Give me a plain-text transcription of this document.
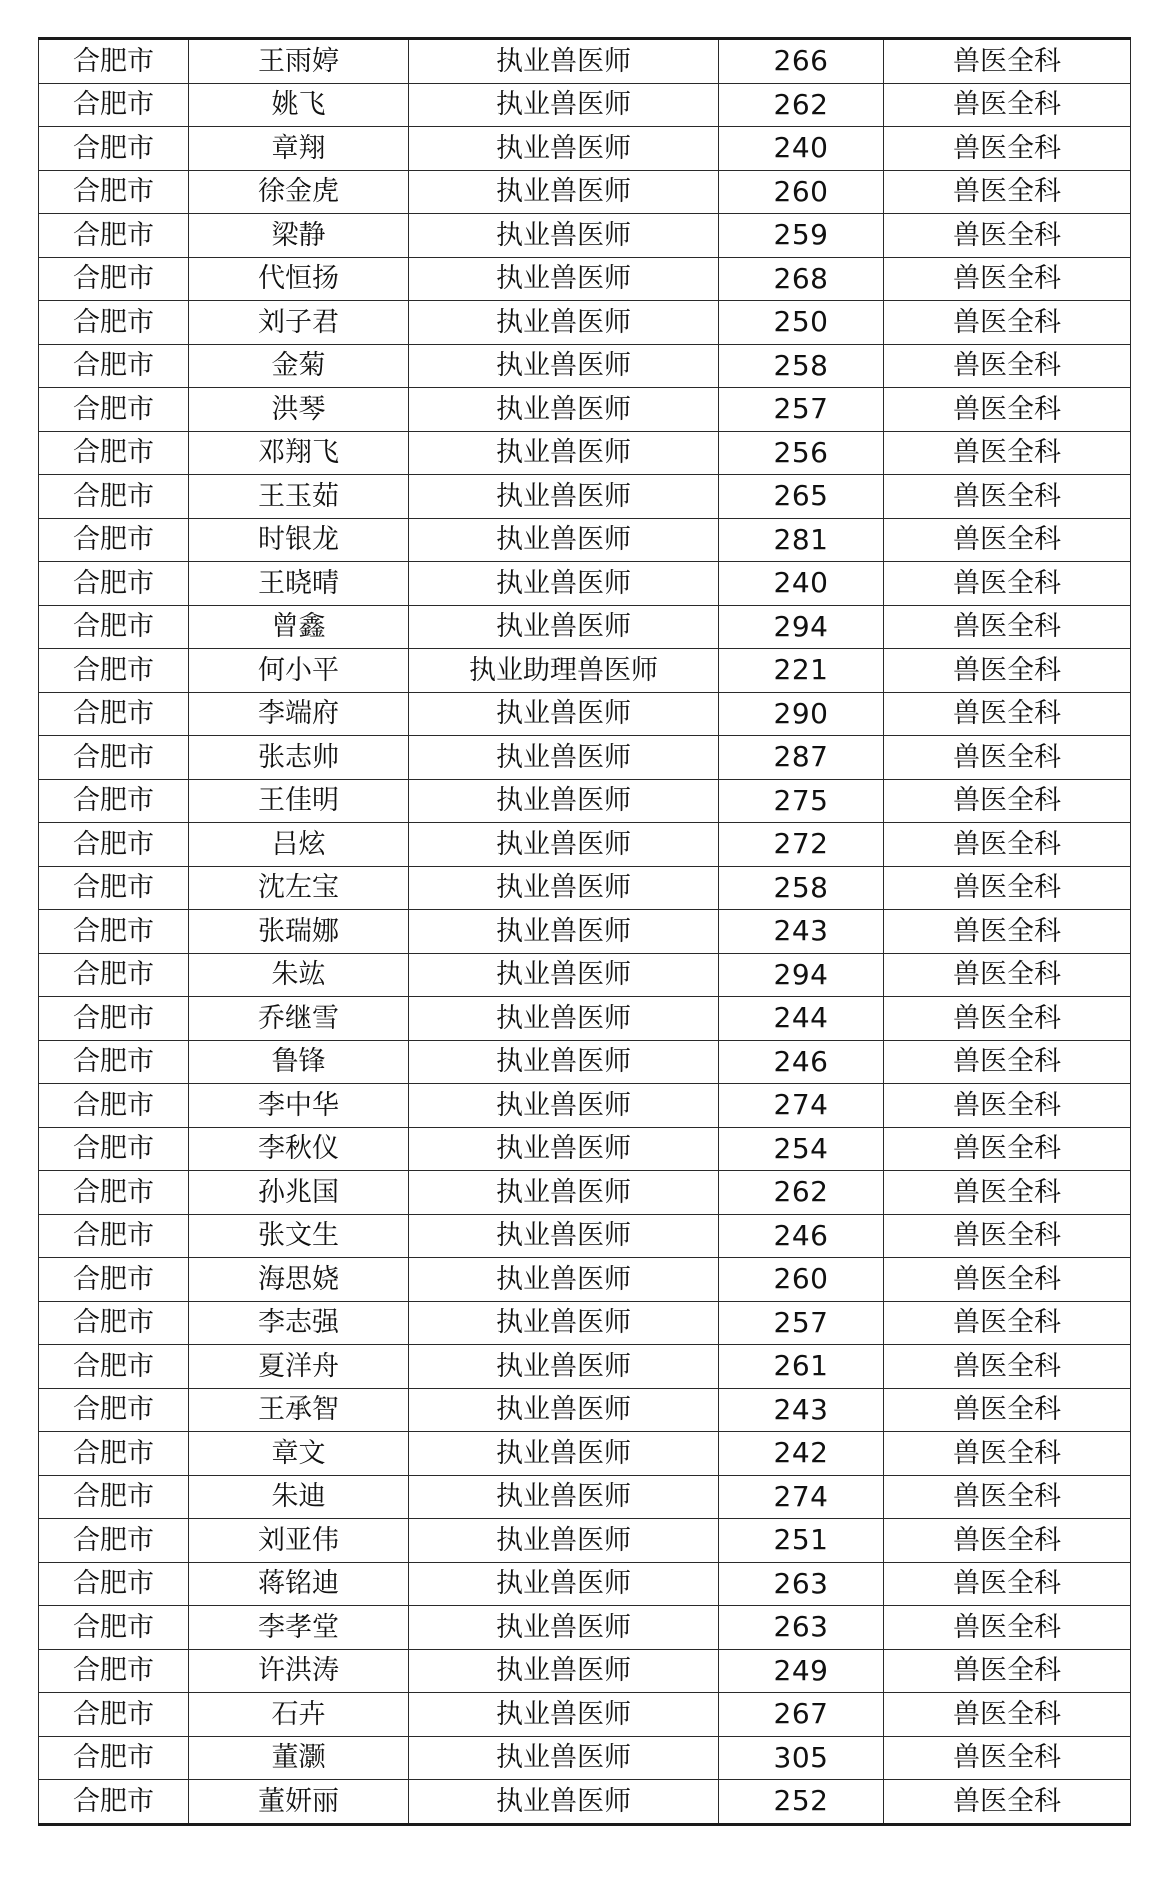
合肥市	王雨婷	执业兽医师	266	兽医全科
合肥市	姚飞	执业兽医师	262	兽医全科
合肥市	章翔	执业兽医师	240	兽医全科
合肥市	徐金虎	执业兽医师	260	兽医全科
合肥市	梁静	执业兽医师	259	兽医全科
合肥市	代恒扬	执业兽医师	268	兽医全科
合肥市	刘子君	执业兽医师	250	兽医全科
合肥市	金菊	执业兽医师	258	兽医全科
合肥市	洪琴	执业兽医师	257	兽医全科
合肥市	邓翔飞	执业兽医师	256	兽医全科
合肥市	王玉茹	执业兽医师	265	兽医全科
合肥市	时银龙	执业兽医师	281	兽医全科
合肥市	王晓晴	执业兽医师	240	兽医全科
合肥市	曾鑫	执业兽医师	294	兽医全科
合肥市	何小平	执业助理兽医师	221	兽医全科
合肥市	李端府	执业兽医师	290	兽医全科
合肥市	张志帅	执业兽医师	287	兽医全科
合肥市	王佳明	执业兽医师	275	兽医全科
合肥市	吕炫	执业兽医师	272	兽医全科
合肥市	沈左宝	执业兽医师	258	兽医全科
合肥市	张瑞娜	执业兽医师	243	兽医全科
合肥市	朱竑	执业兽医师	294	兽医全科
合肥市	乔继雪	执业兽医师	244	兽医全科
合肥市	鲁锋	执业兽医师	246	兽医全科
合肥市	李中华	执业兽医师	274	兽医全科
合肥市	李秋仪	执业兽医师	254	兽医全科
合肥市	孙兆国	执业兽医师	262	兽医全科
合肥市	张文生	执业兽医师	246	兽医全科
合肥市	海思娆	执业兽医师	260	兽医全科
合肥市	李志强	执业兽医师	257	兽医全科
合肥市	夏洋舟	执业兽医师	261	兽医全科
合肥市	王承智	执业兽医师	243	兽医全科
合肥市	章文	执业兽医师	242	兽医全科
合肥市	朱迪	执业兽医师	274	兽医全科
合肥市	刘亚伟	执业兽医师	251	兽医全科
合肥市	蒋铭迪	执业兽医师	263	兽医全科
合肥市	李孝堂	执业兽医师	263	兽医全科
合肥市	许洪涛	执业兽医师	249	兽医全科
合肥市	石卉	执业兽医师	267	兽医全科
合肥市	董灏	执业兽医师	305	兽医全科
合肥市	董妍丽	执业兽医师	252	兽医全科
